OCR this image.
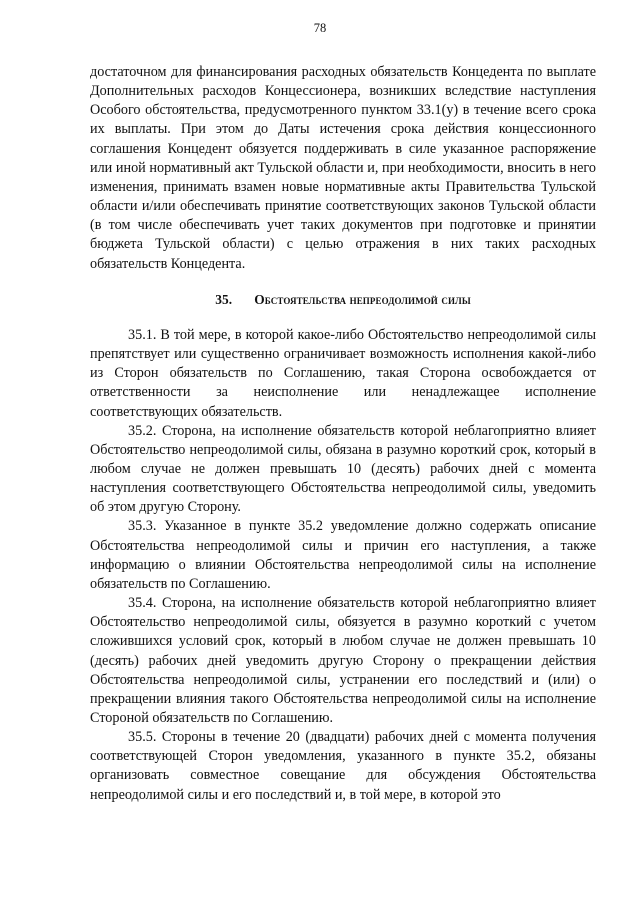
78

достаточном для финансирования расходных обязательств Концедента по выплате Дополнительных расходов Концессионера, возникших вследствие наступления Особого обстоятельства, предусмотренного пунктом 33.1(у) в течение всего срока их выплаты. При этом до Даты истечения срока действия концессионного соглашения Концедент обязуется поддерживать в силе указанное распоряжение или иной нормативный акт Тульской области и, при необходимости, вносить в него изменения, принимать взамен новые нормативные акты Правительства Тульской области и/или обеспечивать принятие соответствующих законов Тульской области (в том числе обеспечивать учет таких документов при подготовке и принятии бюджета Тульской области) с целью отражения в них таких расходных обязательств Концедента.

35. Обстоятельства непреодолимой силы

35.1. В той мере, в которой какое-либо Обстоятельство непреодолимой силы препятствует или существенно ограничивает возможность исполнения какой-либо из Сторон обязательств по Соглашению, такая Сторона освобождается от ответственности за неисполнение или ненадлежащее исполнение соответствующих обязательств.

35.2. Сторона, на исполнение обязательств которой неблагоприятно влияет Обстоятельство непреодолимой силы, обязана в разумно короткий срок, который в любом случае не должен превышать 10 (десять) рабочих дней с момента наступления соответствующего Обстоятельства непреодолимой силы, уведомить об этом другую Сторону.

35.3. Указанное в пункте 35.2 уведомление должно содержать описание Обстоятельства непреодолимой силы и причин его наступления, а также информацию о влиянии Обстоятельства непреодолимой силы на исполнение обязательств по Соглашению.

35.4. Сторона, на исполнение обязательств которой неблагоприятно влияет Обстоятельство непреодолимой силы, обязуется в разумно короткий с учетом сложившихся условий срок, который в любом случае не должен превышать 10 (десять) рабочих дней уведомить другую Сторону о прекращении действия Обстоятельства непреодолимой силы, устранении его последствий и (или) о прекращении влияния такого Обстоятельства непреодолимой силы на исполнение Стороной обязательств по Соглашению.

35.5. Стороны в течение 20 (двадцати) рабочих дней с момента получения соответствующей Сторон уведомления, указанного в пункте 35.2, обязаны организовать совместное совещание для обсуждения Обстоятельства непреодолимой силы и его последствий и, в той мере, в которой это
